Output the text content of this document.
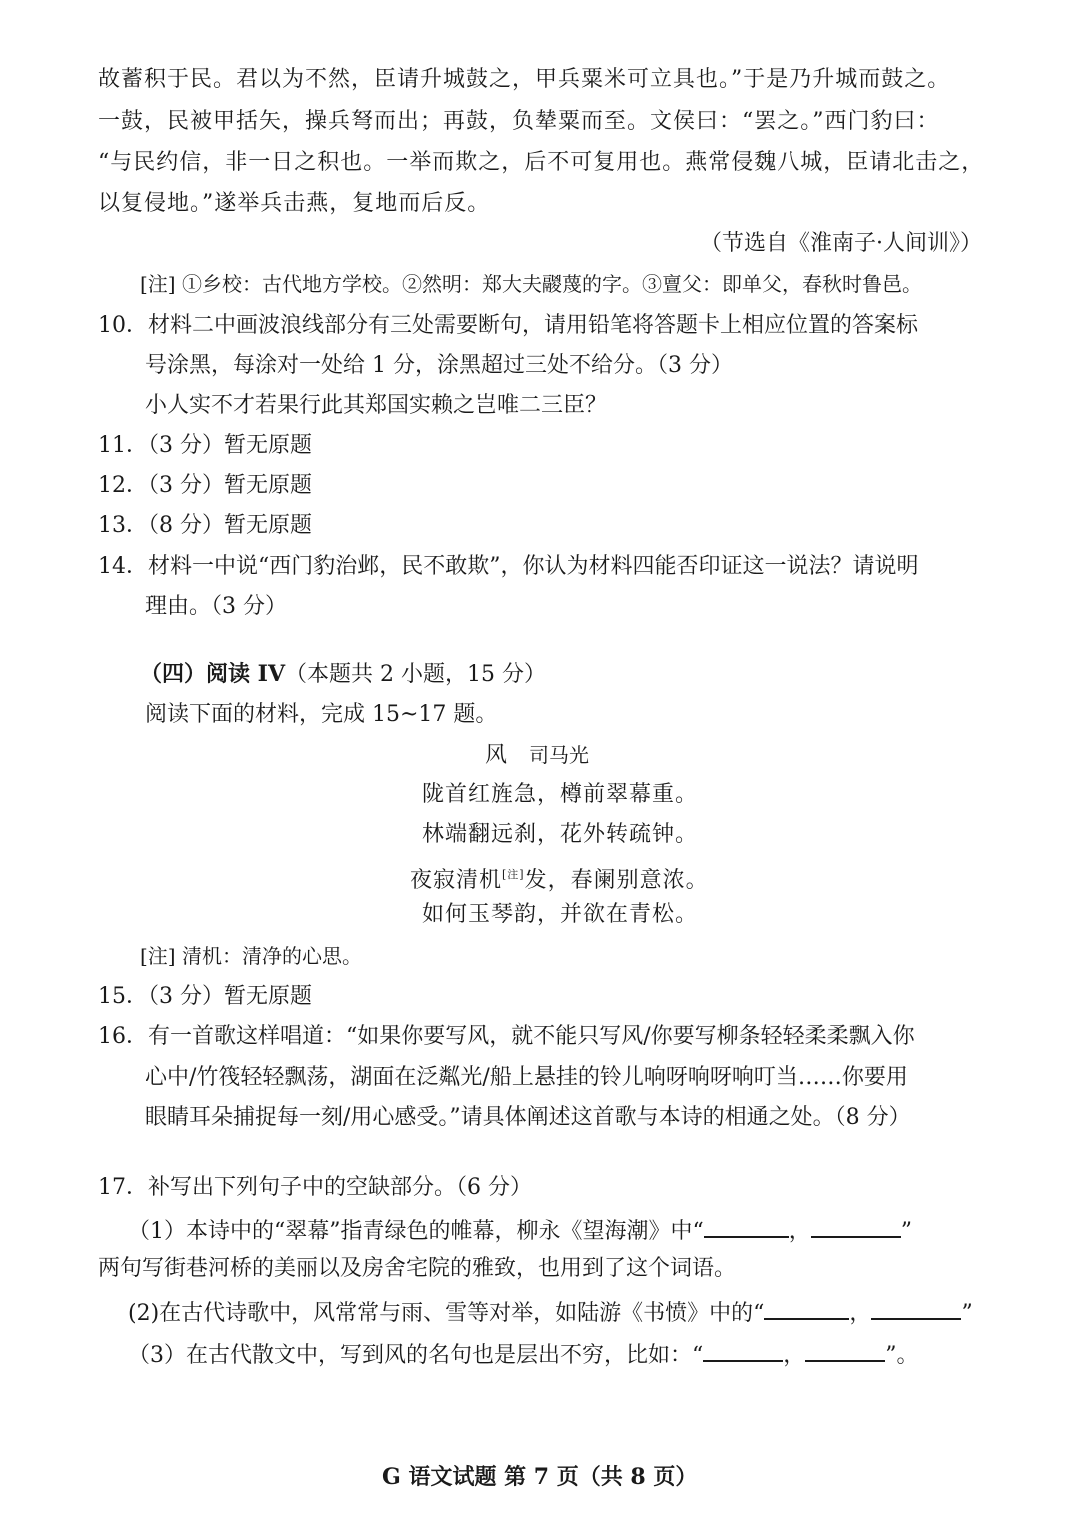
故蓄积于民。君以为不然，臣请升城鼓之，甲兵粟米可立具也。”于是乃升城而鼓之。
一鼓，民被甲括矢，操兵弩而出；再鼓，负辇粟而至。文侯曰：“罢之。”西门豹曰：
“与民约信，非一日之积也。一举而欺之，后不可复用也。燕常侵魏八城，臣请北击之，
以复侵地。”遂举兵击燕，复地而后反。
（节选自《淮南子·人间训》）
[注] ①乡校：古代地方学校。②然明：郑大夫鬷蔑的字。③亶父：即单父，春秋时鲁邑。
10．材料二中画波浪线部分有三处需要断句，请用铅笔将答题卡上相应位置的答案标
号涂黑，每涂对一处给 1 分，涂黑超过三处不给分。（3 分）
小人实不才若果行此其郑国实赖之岂唯二三臣？
11．（3 分）暂无原题
12．（3 分）暂无原题
13．（8 分）暂无原题
14．材料一中说“西门豹治邺，民不敢欺”，你认为材料四能否印证这一说法？请说明
理由。（3 分）
（四）阅读 IV（本题共 2 小题，15 分）
阅读下面的材料，完成 15~17 题。
风 司马光
陇首红旌急，樽前翠幕重。
林端翻远刹，花外转疏钟。
夜寂清机[注]发，春阑别意浓。
如何玉琴韵，并欲在青松。
[注] 清机：清净的心思。
15．（3 分）暂无原题
16．有一首歌这样唱道：“如果你要写风，就不能只写风/你要写柳条轻轻柔柔飘入你
心中/竹筏轻轻飘荡，湖面在泛粼光/船上悬挂的铃儿响呀响呀响叮当……你要用
眼睛耳朵捕捉每一刻/用心感受。”请具体阐述这首歌与本诗的相通之处。（8 分）
17．补写出下列句子中的空缺部分。（6 分）
（1）本诗中的“翠幕”指青绿色的帷幕，柳永《望海潮》中“	，	”
两句写街巷河桥的美丽以及房舍宅院的雅致，也用到了这个词语。
(2)在古代诗歌中，风常常与雨、雪等对举，如陆游《书愤》中的“	，	”
（3）在古代散文中，写到风的名句也是层出不穷，比如：“	，	”。
G 语文试题 第 7 页（共 8 页）
